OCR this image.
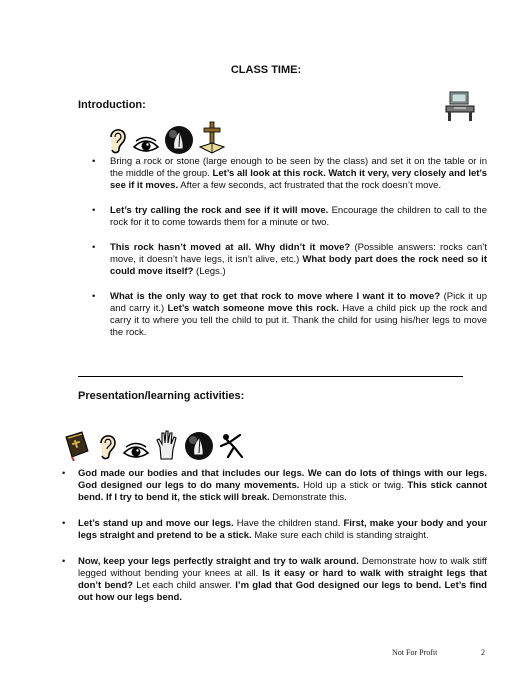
CLASS TIME:
Introduction:
• Bring a rock or stone (large enough to be seen by the class) and set it on the table or in the middle of the group. Let’s all look at this rock. Watch it very, very closely and let’s see if it moves. After a few seconds, act frustrated that the rock doesn’t move.
• Let’s try calling the rock and see if it will move. Encourage the children to call to the rock for it to come towards them for a minute or two.
• This rock hasn’t moved at all. Why didn’t it move? (Possible answers: rocks can’t move, it doesn’t have legs, it isn’t alive, etc.) What body part does the rock need so it could move itself? (Legs.)
• What is the only way to get that rock to move where I want it to move? (Pick it up and carry it.) Let’s watch someone move this rock. Have a child pick up the rock and carry it to where you tell the child to put it. Thank the child for using his/her legs to move the rock.
Presentation/learning activities:
• God made our bodies and that includes our legs. We can do lots of things with our legs. God designed our legs to do many movements. Hold up a stick or twig. This stick cannot bend. If I try to bend it, the stick will break. Demonstrate this.
• Let’s stand up and move our legs. Have the children stand. First, make your body and your legs straight and pretend to be a stick. Make sure each child is standing straight.
• Now, keep your legs perfectly straight and try to walk around. Demonstrate how to walk stiff legged without bending your knees at all. Is it easy or hard to walk with straight legs that don’t bend? Let each child answer. I’m glad that God designed our legs to bend. Let’s find out how our legs bend.
Not For Profit	2
